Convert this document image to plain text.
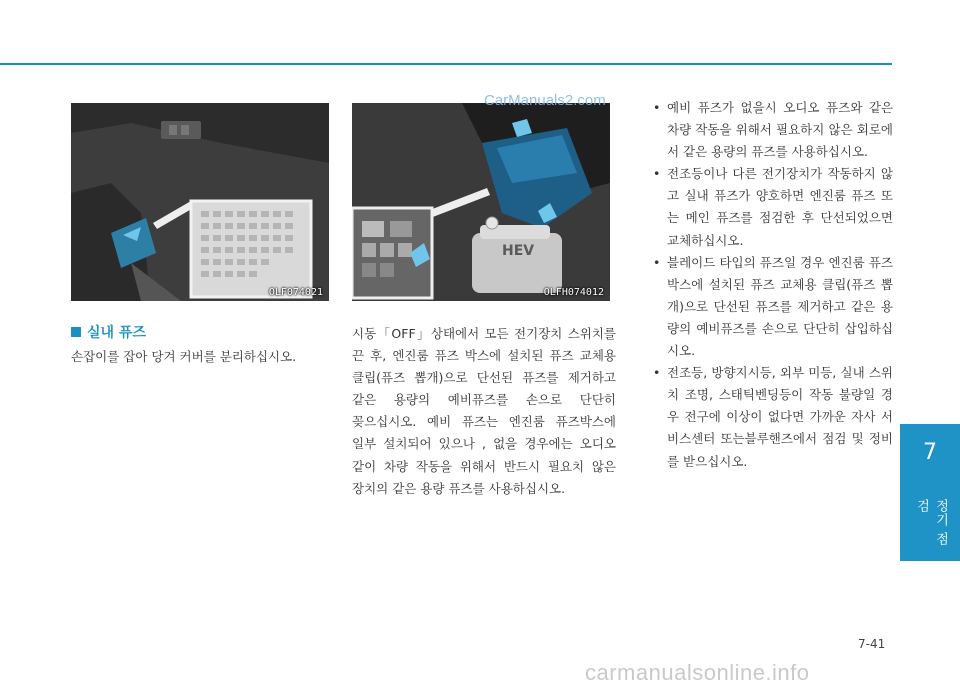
OLF074021
HEV
OLFH074012
CarManuals2.com
실내 퓨즈
손잡이를 잡아 당겨 커버를 분리하십시오.
시동「OFF」상태에서 모든 전기장치 스위치를 끈 후, 엔진룸 퓨즈 박스에 설치된 퓨즈 교체용 클립(퓨즈 뽑개)으로 단선된 퓨즈를 제거하고 같은 용량의 예비퓨즈를 손으로 단단히 꽂으십시오. 예비 퓨즈는 엔진룸 퓨즈박스에 일부 설치되어 있으나 , 없을 경우에는 오디오 같이 차량 작동을 위해서 반드시 필요치 않은 장치의 같은 용량 퓨즈를 사용하십시오.
• 예비 퓨즈가 없을시 오디오 퓨즈와 같은 차량 작동을 위해서 필요하지 않은 회로에서 같은 용량의 퓨즈를 사용하십시오.
• 전조등이나 다른 전기장치가 작동하지 않고 실내 퓨즈가 양호하면 엔진룸 퓨즈 또는 메인 퓨즈를 점검한 후 단선되었으면 교체하십시오.
• 블레이드 타입의 퓨즈일 경우 엔진룸 퓨즈박스에 설치된 퓨즈 교체용 클립(퓨즈 뽑개)으로 단선된 퓨즈를 제거하고 같은 용량의 예비퓨즈를 손으로 단단히 삽입하십시오.
• 전조등, 방향지시등, 외부 미등, 실내 스위치 조명, 스태틱벤딩등이 작동 불량일 경우 전구에 이상이 없다면 가까운 자사 서비스센터 또는블루핸즈에서 점검 및 정비를 받으십시오.	7
정기 점검
7-41
carmanualsonline.info
